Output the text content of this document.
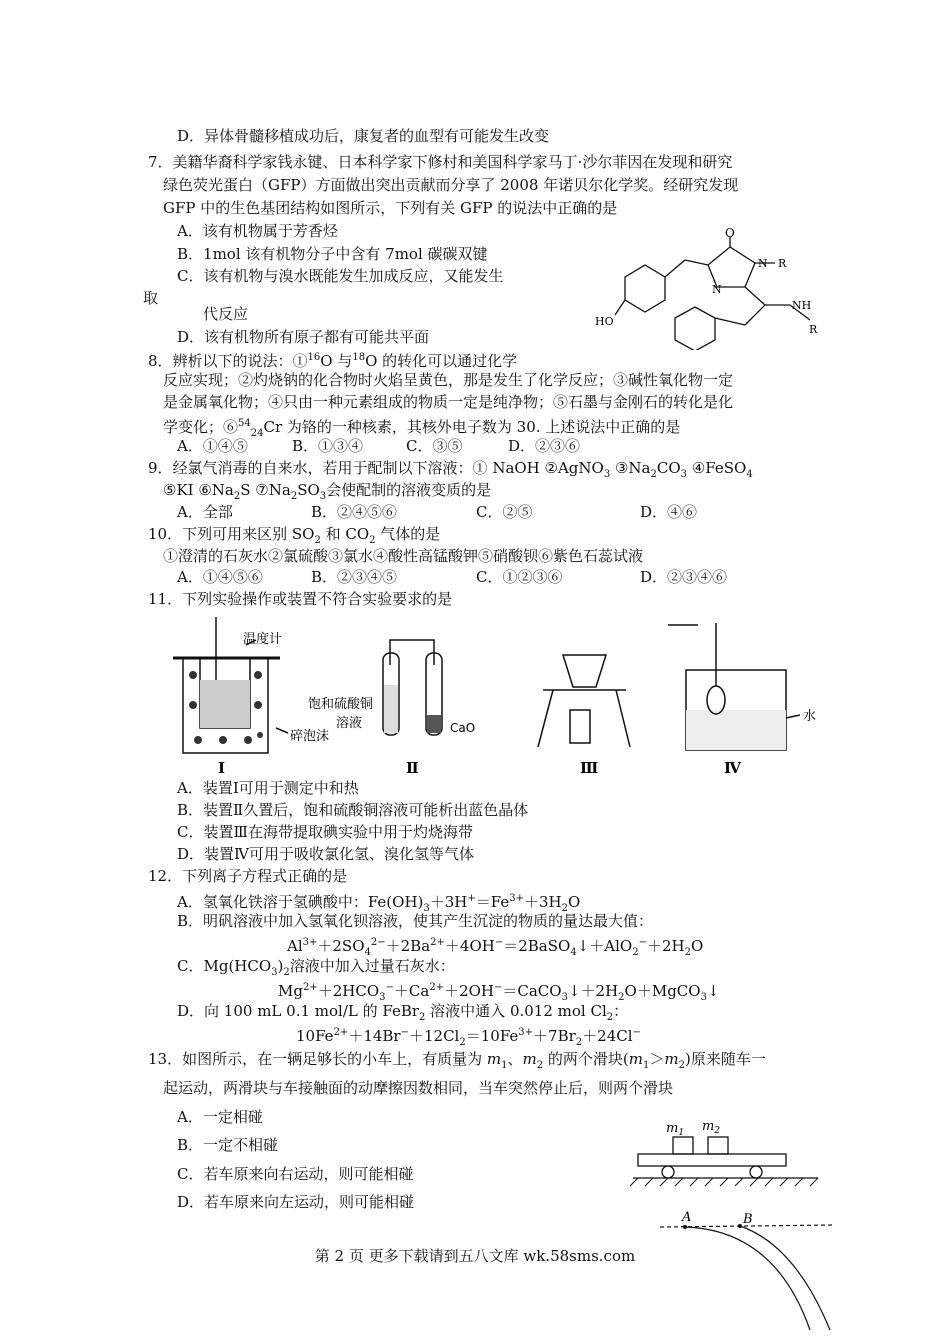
D．异体骨髓移植成功后，康复者的血型有可能发生改变
7．美籍华裔科学家钱永键、日本科学家下修村和美国科学家马丁·沙尔菲因在发现和研究
绿色荧光蛋白（GFP）方面做出突出贡献而分享了 2008 年诺贝尔化学奖。经研究发现
GFP 中的生色基团结构如图所示，下列有关 GFP 的说法中正确的是
A．该有机物属于芳香烃
B．1mol 该有机物分子中含有 7mol 碳碳双键
C．该有机物与溴水既能发生加成反应，又能发生
取
代反应
D．该有机物所有原子都有可能共平面
O
N
N R
NH
R
HO
8．辨析以下的说法：①$^{16}$O 与$^{18}$O 的转化可以通过化学
反应实现；②灼烧钠的化合物时火焰呈黄色，那是发生了化学反应；③碱性氧化物一定
是金属氧化物；④只由一种元素组成的物质一定是纯净物；⑤石墨与金刚石的转化是化
学变化；⑥$^{54}_{24}$Cr 为铬的一种核素，其核外电子数为 30. 上述说法中正确的是
A．①④⑤	B．①③④	C．③⑤	D．②③⑥
9．经氯气消毒的自来水，若用于配制以下溶液：① NaOH ②AgNO$_3$ $③Na_2CO_3$ ④FeSO$_4$
⑤KI $⑥Na_2S$ $⑦Na_2SO_3$会使配制的溶液变质的是
A．全部	B．②④⑤⑥	C．②⑤	D．④⑥
10．下列可用来区别 $SO_2$ 和 $CO_2$ 气体的是
①澄清的石灰水②氯硫酸③氯水④酸性高锰酸钾⑤硝酸钡⑥紫色石蕊试液
A．①④⑤⑥	B．②③④⑤	C．①②③⑥	D．②③④⑥
11．下列实验操作或装置不符合实验要求的是
温度计
碎泡沫
饱和硫酸铜
溶液	CaO
水
Ⅰ	Ⅱ	Ⅲ	Ⅳ
A．装置Ⅰ可用于测定中和热
B．装置Ⅱ久置后，饱和硫酸铜溶液可能析出蓝色晶体
C．装置Ⅲ在海带提取碘实验中用于灼烧海带
D．装置Ⅳ可用于吸收氯化氢、溴化氢等气体
12．下列离子方程式正确的是
A．氢氧化铁溶于氢碘酸中：$Fe(OH)_3+3H^+=Fe^{3+}+3H_2O$
B．明矾溶液中加入氢氧化钡溶液，使其产生沉淀的物质的量达最大值：
$Al^{3+}+2SO_4^{2-}+2Ba^{2+}+4OH^-=2BaSO_4↓+AlO_2^-+2H_2O$
C．$Mg(HCO_3)_2$溶液中加入过量石灰水：
$Mg^{2+}+2HCO_3^-+Ca^{2+}+2OH^-=CaCO_3↓+2H_2O+MgCO_3↓$
D．向 100 mL 0.1 mol/L 的 FeBr$_2$ 溶液中通入 0.012 mol $Cl_2$：
$10Fe^{2+}+14Br^-+12Cl_2=10Fe^{3+}+7Br_2+24Cl^-$
13．如图所示，在一辆足够长的小车上，有质量为 $m_1$、$m_2$ 的两个滑块$(m_1>m_2)$原来随车一
起运动，两滑块与车接触面的动摩擦因数相同，当车突然停止后，则两个滑块
A．一定相碰
B．一定不相碰
C．若车原来向右运动，则可能相碰
D．若车原来向左运动，则可能相碰
$m_1$ $m_2$
A	B
第 2 页 更多下载请到五八文库 wk.58sms.com
